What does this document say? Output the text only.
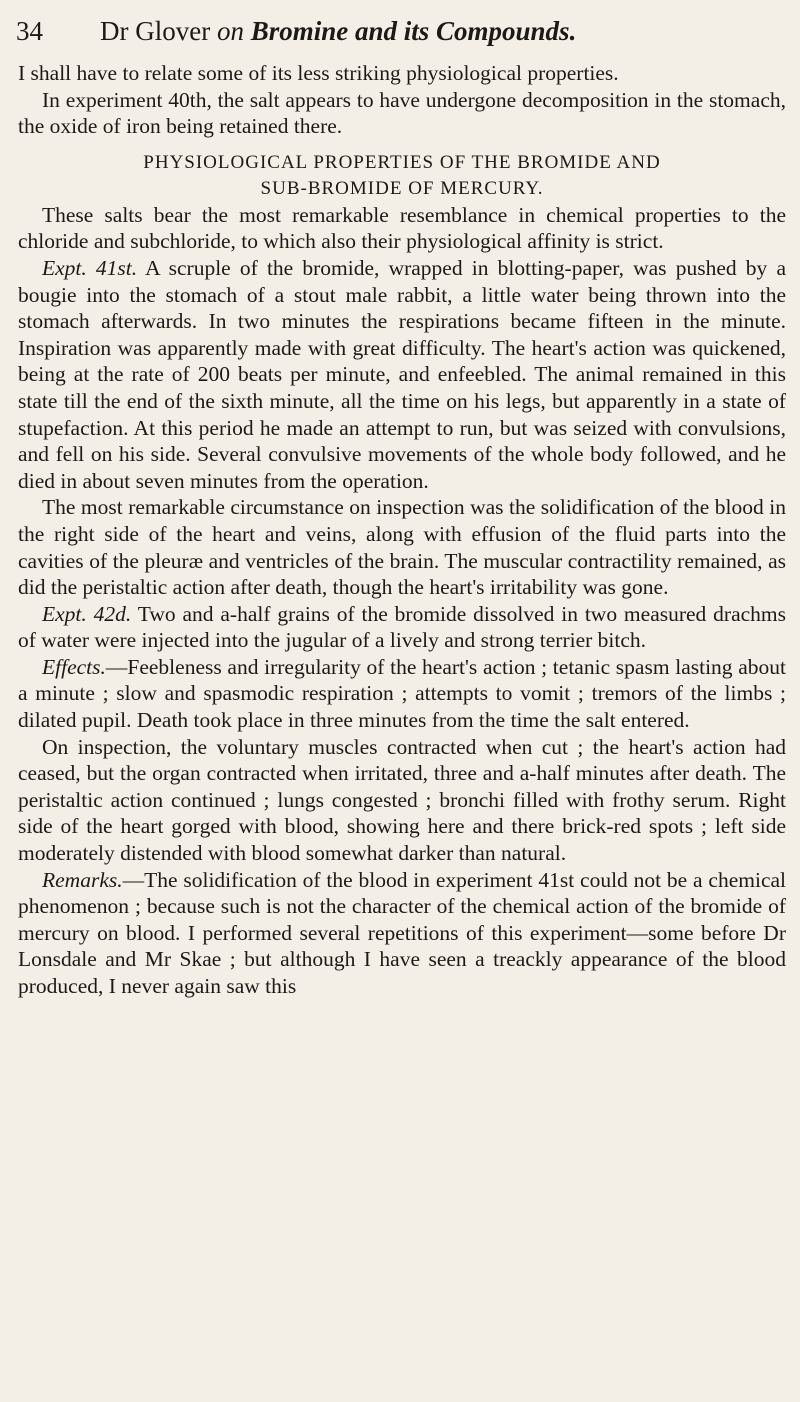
34 Dr Glover on Bromine and its Compounds.

I shall have to relate some of its less striking physiological properties.

In experiment 40th, the salt appears to have undergone decomposition in the stomach, the oxide of iron being retained there.

PHYSIOLOGICAL PROPERTIES OF THE BROMIDE AND
SUB-BROMIDE OF MERCURY.

These salts bear the most remarkable resemblance in chemical properties to the chloride and subchloride, to which also their physiological affinity is strict.

Expt. 41st. A scruple of the bromide, wrapped in blotting-paper, was pushed by a bougie into the stomach of a stout male rabbit, a little water being thrown into the stomach afterwards. In two minutes the respirations became fifteen in the minute. Inspiration was apparently made with great difficulty. The heart's action was quickened, being at the rate of 200 beats per minute, and enfeebled. The animal remained in this state till the end of the sixth minute, all the time on his legs, but apparently in a state of stupefaction. At this period he made an attempt to run, but was seized with convulsions, and fell on his side. Several convulsive movements of the whole body followed, and he died in about seven minutes from the operation.

The most remarkable circumstance on inspection was the solidification of the blood in the right side of the heart and veins, along with effusion of the fluid parts into the cavities of the pleuræ and ventricles of the brain. The muscular contractility remained, as did the peristaltic action after death, though the heart's irritability was gone.

Expt. 42d. Two and a-half grains of the bromide dissolved in two measured drachms of water were injected into the jugular of a lively and strong terrier bitch.

Effects.—Feebleness and irregularity of the heart's action ; tetanic spasm lasting about a minute ; slow and spasmodic respiration ; attempts to vomit ; tremors of the limbs ; dilated pupil. Death took place in three minutes from the time the salt entered.

On inspection, the voluntary muscles contracted when cut ; the heart's action had ceased, but the organ contracted when irritated, three and a-half minutes after death. The peristaltic action continued ; lungs congested ; bronchi filled with frothy serum. Right side of the heart gorged with blood, showing here and there brick-red spots ; left side moderately distended with blood somewhat darker than natural.

Remarks.—The solidification of the blood in experiment 41st could not be a chemical phenomenon ; because such is not the character of the chemical action of the bromide of mercury on blood. I performed several repetitions of this experiment—some before Dr Lonsdale and Mr Skae ; but although I have seen a treackly appearance of the blood produced, I never again saw this
